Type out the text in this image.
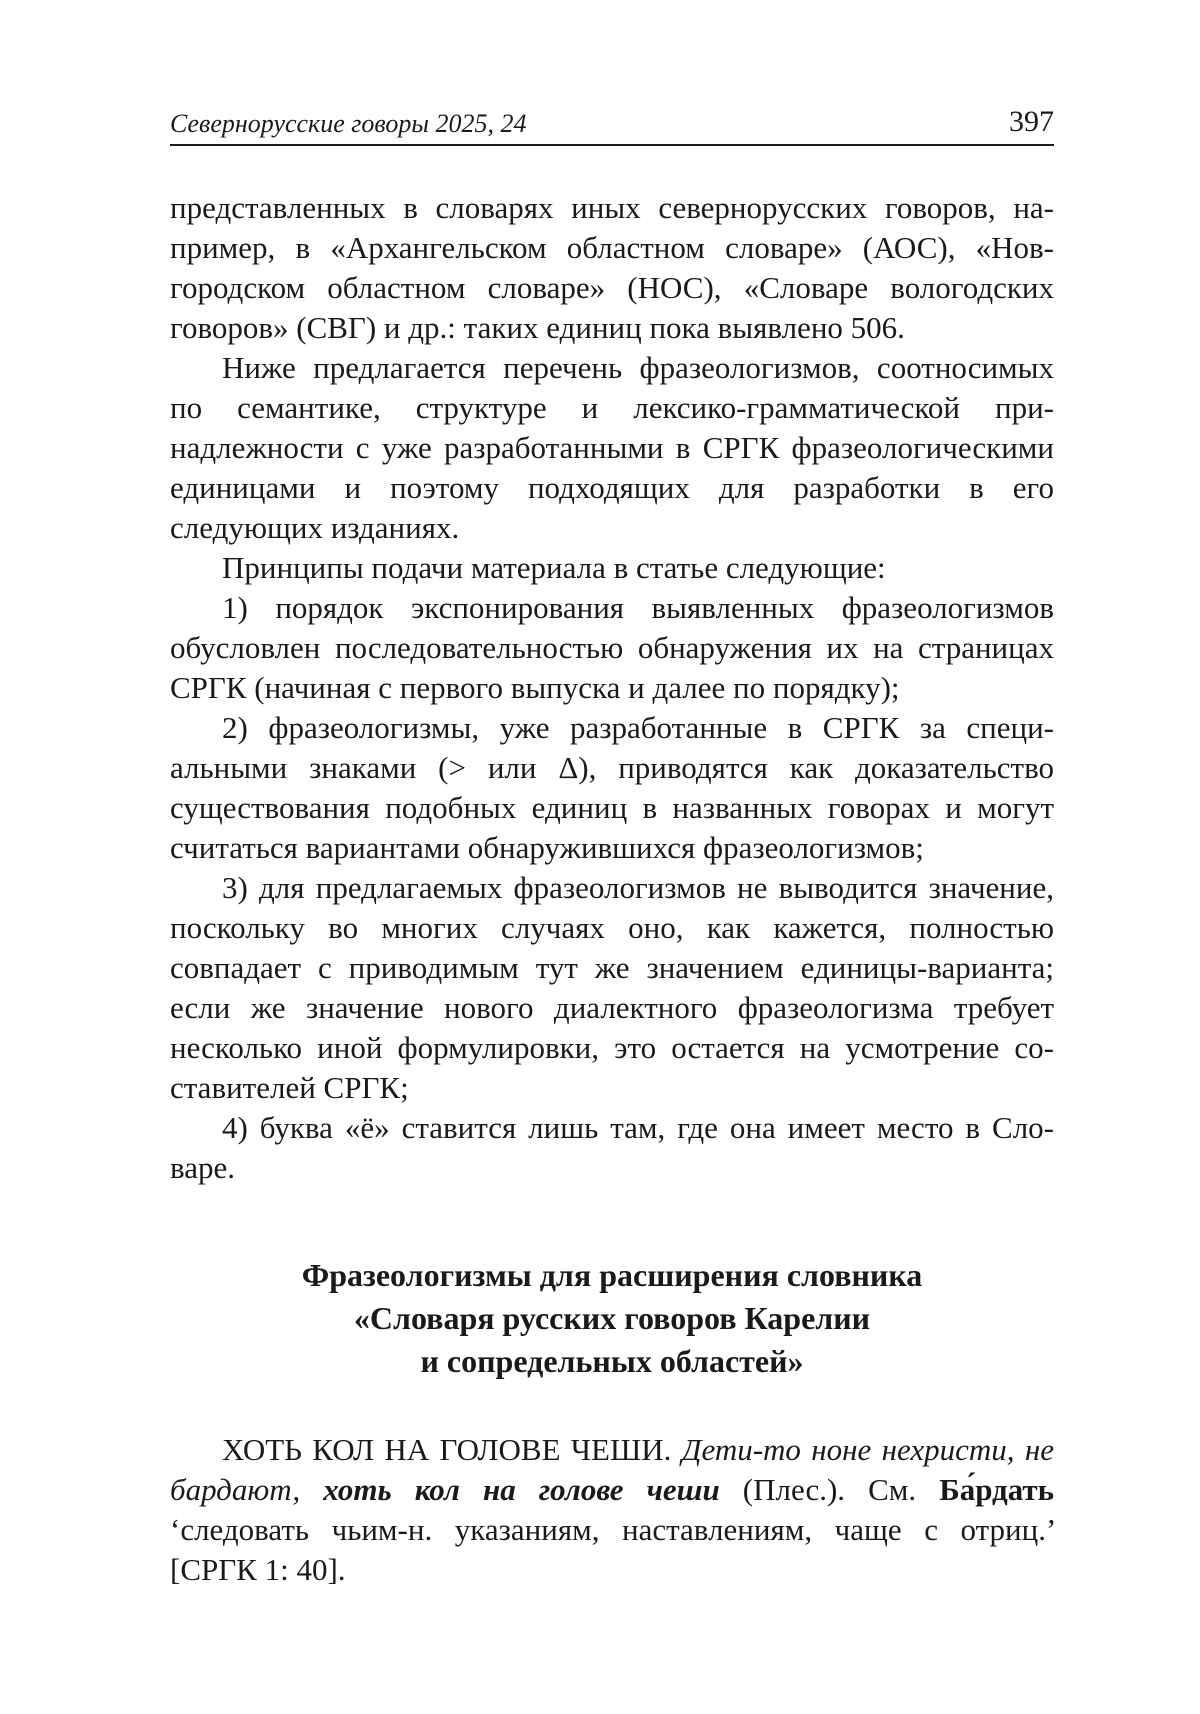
Севернорусские говоры 2025, 24	397

представленных в словарях иных севернорусских говоров, например, в «Архангельском областном словаре» (АОС), «Новгородском областном словаре» (НОС), «Словаре вологодских говоров» (СВГ) и др.: таких единиц пока выявлено 506.

Ниже предлагается перечень фразеологизмов, соотносимых по семантике, структуре и лексико-грамматической принадлежности с уже разработанными в СРГК фразеологическими единицами и поэтому подходящих для разработки в его следующих изданиях.

Принципы подачи материала в статье следующие:

1) порядок экспонирования выявленных фразеологизмов обусловлен последовательностью обнаружения их на страницах СРГК (начиная с первого выпуска и далее по порядку);

2) фразеологизмы, уже разработанные в СРГК за специальными знаками (> или Δ), приводятся как доказательство существования подобных единиц в названных говорах и могут считаться вариантами обнаружившихся фразеологизмов;

3) для предлагаемых фразеологизмов не выводится значение, поскольку во многих случаях оно, как кажется, полностью совпадает с приводимым тут же значением единицы-варианта; если же значение нового диалектного фразеологизма требует несколько иной формулировки, это остается на усмотрение составителей СРГК;

4) буква «ё» ставится лишь там, где она имеет место в Словаре.

Фразеологизмы для расширения словника
«Словаря русских говоров Карелии
и сопредельных областей»

ХОТЬ КОЛ НА ГОЛОВЕ ЧЕШИ. Дети-то ноне нехристи, не бардают, хоть кол на голове чеши (Плес.). См. Ба́рдать ‘следовать чьим-н. указаниям, наставлениям, чаще с отриц.’ [СРГК 1: 40].
